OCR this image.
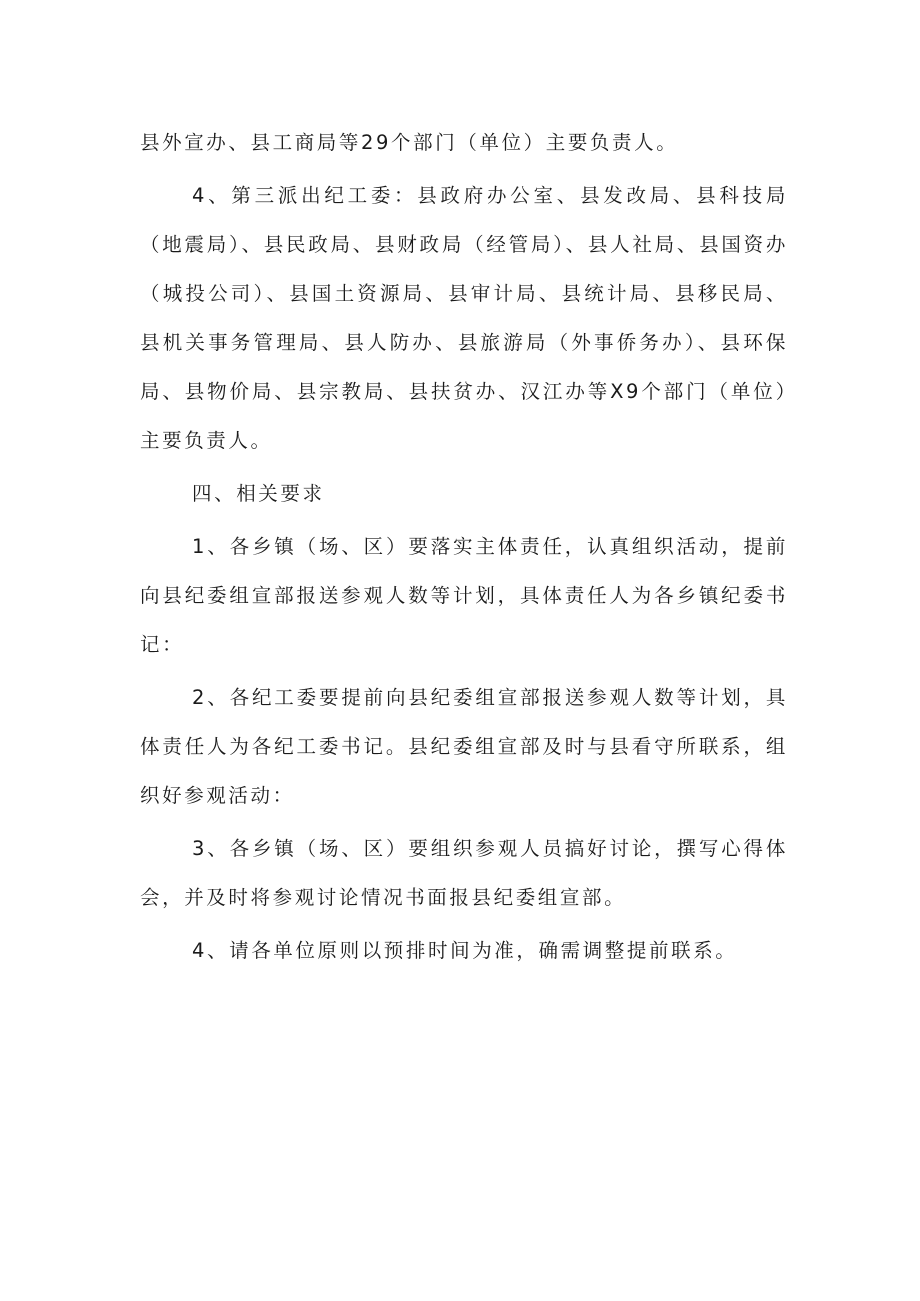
县外宣办、县工商局等29个部门（单位）主要负责人。

4、第三派出纪工委：县政府办公室、县发改局、县科技局（地震局）、县民政局、县财政局（经管局）、县人社局、县国资办（城投公司）、县国土资源局、县审计局、县统计局、县移民局、县机关事务管理局、县人防办、县旅游局（外事侨务办）、县环保局、县物价局、县宗教局、县扶贫办、汉江办等X9个部门（单位）主要负责人。

四、相关要求

1、各乡镇（场、区）要落实主体责任，认真组织活动，提前向县纪委组宣部报送参观人数等计划，具体责任人为各乡镇纪委书记：

2、各纪工委要提前向县纪委组宣部报送参观人数等计划，具体责任人为各纪工委书记。县纪委组宣部及时与县看守所联系，组织好参观活动：

3、各乡镇（场、区）要组织参观人员搞好讨论，撰写心得体会，并及时将参观讨论情况书面报县纪委组宣部。

4、请各单位原则以预排时间为准，确需调整提前联系。
